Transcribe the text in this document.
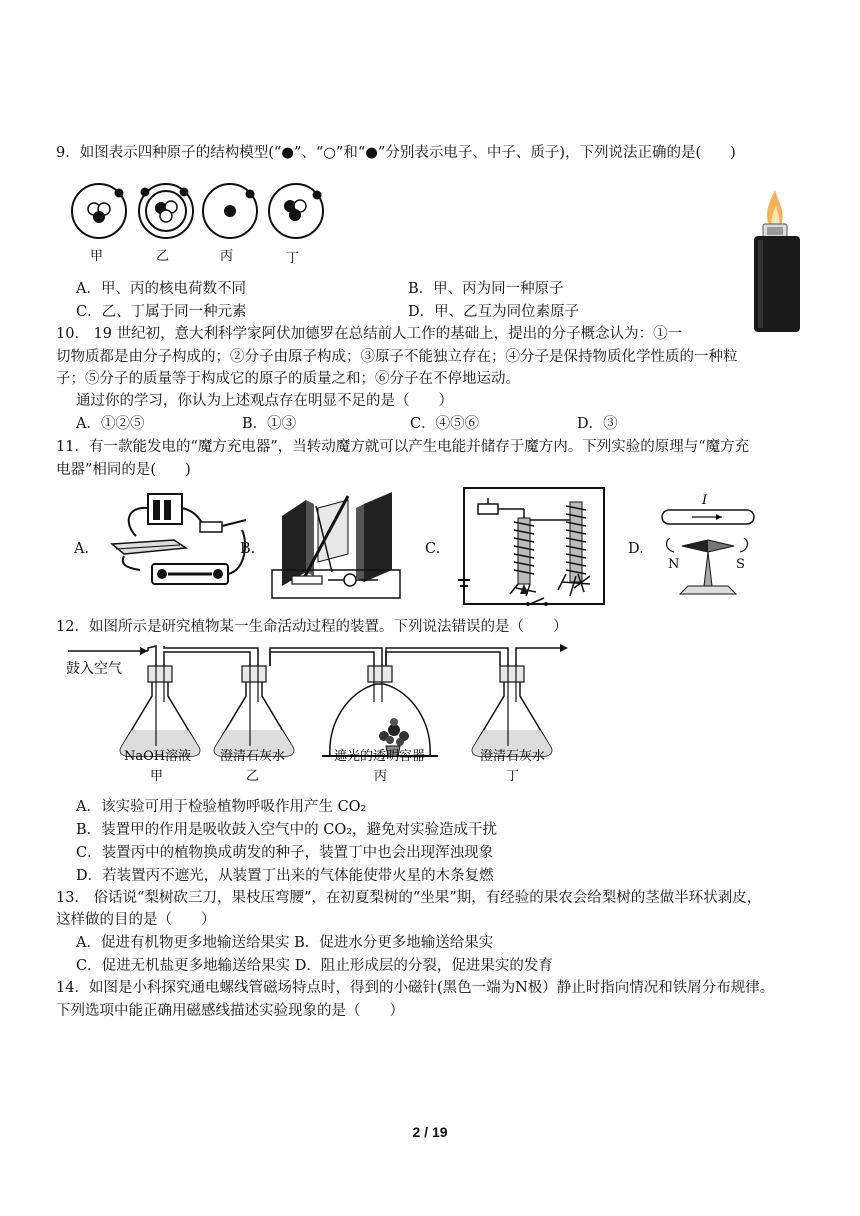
9．如图表示四种原子的结构模型(“●”、“○”和“●”分别表示电子、中子、质子)，下列说法正确的是(　　)
甲	乙	丙	丁
A．甲、丙的核电荷数不同	B．甲、丙为同一种原子
C．乙、丁属于同一种元素	D．甲、乙互为同位素原子
10． 19 世纪初，意大利科学家阿伏加德罗在总结前人工作的基础上，提出的分子概念认为：①一
切物质都是由分子构成的；②分子由原子构成；③原子不能独立存在；④分子是保持物质化学性质的一种粒
子；⑤分子的质量等于构成它的原子的质量之和；⑥分子在不停地运动。
通过你的学习，你认为上述观点存在明显不足的是（　　）
A．①②⑤	B．①③	C．④⑤⑥	D．③
11．有一款能发电的“魔方充电器”，当转动魔方就可以产生电能并储存于魔方内。下列实验的原理与“魔方充
电器”相同的是(　　)
A.	B.	C.	D.
I
N	S
12．如图所示是研究植物某一生命活动过程的装置。下列说法错误的是（　　）
鼓入空气
NaOH溶液
甲
澄清石灰水
乙
遮光的透明容器
丙
澄清石灰水
丁
A．该实验可用于检验植物呼吸作用产生 CO₂
B．装置甲的作用是吸收鼓入空气中的 CO₂，避免对实验造成干扰
C．装置丙中的植物换成萌发的种子，装置丁中也会出现浑浊现象
D．若装置丙不遮光，从装置丁出来的气体能使带火星的木条复燃
13． 俗话说“梨树砍三刀，果枝压弯腰”，在初夏梨树的“坐果”期，有经验的果农会给梨树的茎做半环状剥皮，
这样做的目的是（　　）
A．促进有机物更多地输送给果实 B．促进水分更多地输送给果实
C．促进无机盐更多地输送给果实 D．阻止形成层的分裂，促进果实的发育
14．如图是小科探究通电螺线管磁场特点时，得到的小磁针(黑色一端为N极）静止时指向情况和铁屑分布规律。
下列选项中能正确用磁感线描述实验现象的是（　　）
2 / 19
